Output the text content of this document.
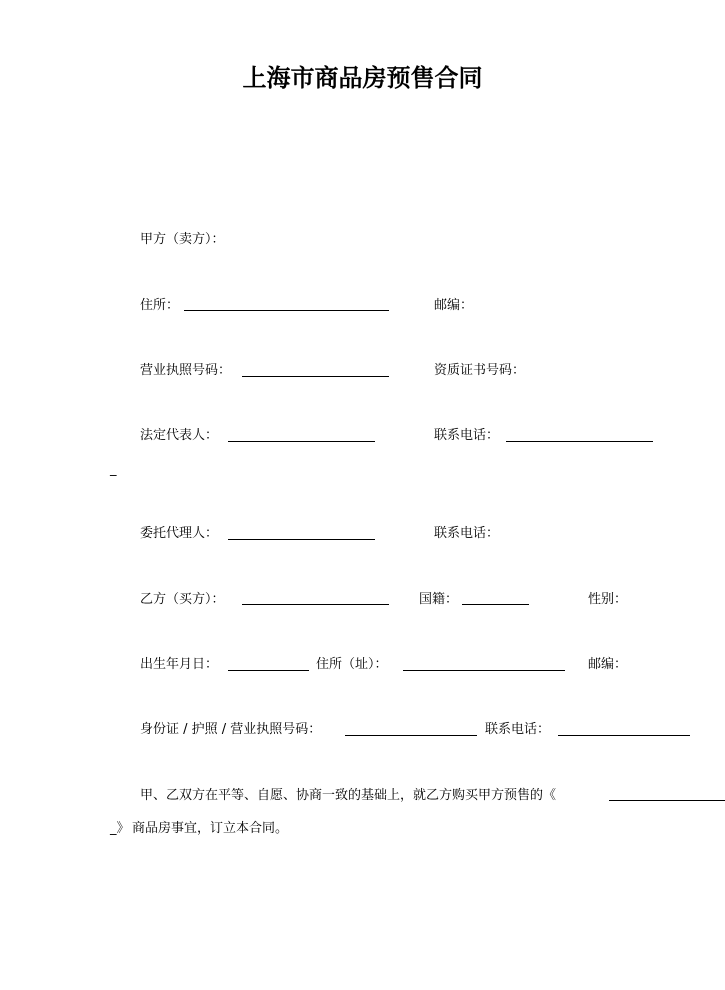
上海市商品房预售合同
甲方（卖方）：
住所：	邮编：
营业执照号码：	资质证书号码：
法定代表人：	联系电话：
_
委托代理人：	联系电话：
乙方（买方）：	国籍：	性别：
出生年月日：	住所（址）：	邮编：
身份证 / 护照 / 营业执照号码：	联系电话：
甲、乙双方在平等、自愿、协商一致的基础上，就乙方购买甲方预售的《
_》 商品房事宜，订立本合同。
